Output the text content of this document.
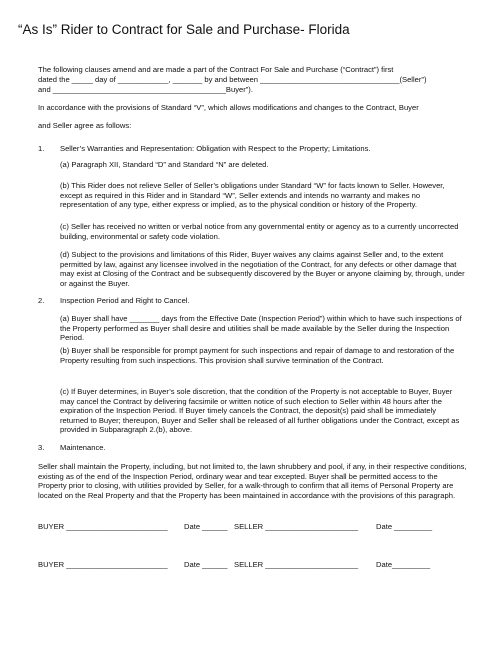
“As Is” Rider to Contract for Sale and Purchase- Florida
The following clauses amend and are made a part of the Contract For Sale and Purchase (“Contract”) first
dated the _____ day of ____________, _______ by and between _________________________________(Seller”)
and _________________________________________Buyer”).
In accordance with the provisions of Standard “V”, which allows modifications and changes to the Contract, Buyer
and Seller agree as follows:
1. Seller’s Warranties and Representation: Obligation with Respect to the Property; Limitations.
(a) Paragraph XII, Standard “D” and Standard “N” are deleted.
(b) This Rider does not relieve Seller of Seller’s obligations under Standard “W” for facts known to Seller. However, except as required in this Rider and in Standard “W”, Seller extends and intends no warranty and makes no representation of any type, either express or implied, as to the physical condition or history of the Property.
(c) Seller has received no written or verbal notice from any governmental entity or agency as to a currently uncorrected building, environmental or safety code violation.
(d) Subject to the provisions and limitations of this Rider, Buyer waives any claims against Seller and, to the extent permitted by law, against any licensee involved in the negotiation of the Contract, for any defects or other damage that may exist at Closing of the Contract and be subsequently discovered by the Buyer or anyone claiming by, through, under or against the Buyer.
2. Inspection Period and Right to Cancel.
(a) Buyer shall have _______ days from the Effective Date (Inspection Period”) within which to have such inspections of the Property performed as Buyer shall desire and utilities shall be made available by the Seller during the Inspection Period.
(b) Buyer shall be responsible for prompt payment for such inspections and repair of damage to and restoration of the Property resulting from such inspections. This provision shall survive termination of the Contract.
(c) If Buyer determines, in Buyer’s sole discretion, that the condition of the Property is not acceptable to Buyer, Buyer may cancel the Contract by delivering facsimile or written notice of such election to Seller within 48 hours after the expiration of the Inspection Period. If Buyer timely cancels the Contract, the deposit(s) paid shall be immediately returned to Buyer; thereupon, Buyer and Seller shall be released of all further obligations under the Contract, except as provided in Subparagraph 2.(b), above.
3. Maintenance.
Seller shall maintain the Property, including, but not limited to, the lawn shrubbery and pool, if any, in their respective conditions, existing as of the end of the Inspection Period, ordinary wear and tear excepted. Buyer shall be permitted access to the Property prior to closing, with utilities provided by Seller, for a walk-through to confirm that all items of Personal Property are located on the Real Property and that the Property has been maintained in accordance with the provisions of this paragraph.
BUYER ________________________ Date ______ SELLER ______________________ Date _________
BUYER ________________________ Date ______ SELLER ______________________ Date_________
